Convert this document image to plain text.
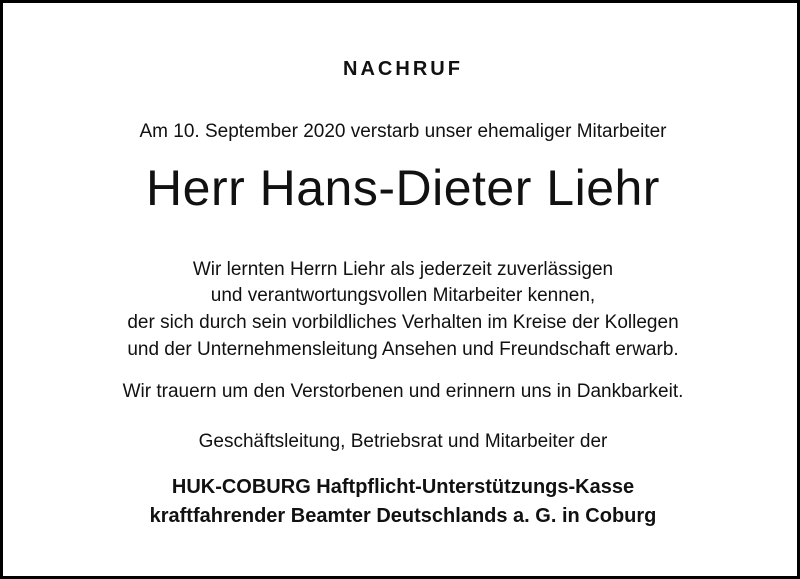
NACHRUF
Am 10. September 2020 verstarb unser ehemaliger Mitarbeiter
Herr Hans-Dieter Liehr
Wir lernten Herrn Liehr als jederzeit zuverlässigen
und verantwortungsvollen Mitarbeiter kennen,
der sich durch sein vorbildliches Verhalten im Kreise der Kollegen
und der Unternehmensleitung Ansehen und Freundschaft erwarb.
Wir trauern um den Verstorbenen und erinnern uns in Dankbarkeit.
Geschäftsleitung, Betriebsrat und Mitarbeiter der
HUK-COBURG Haftpflicht-Unterstützungs-Kasse
kraftfahrender Beamter Deutschlands a. G. in Coburg
